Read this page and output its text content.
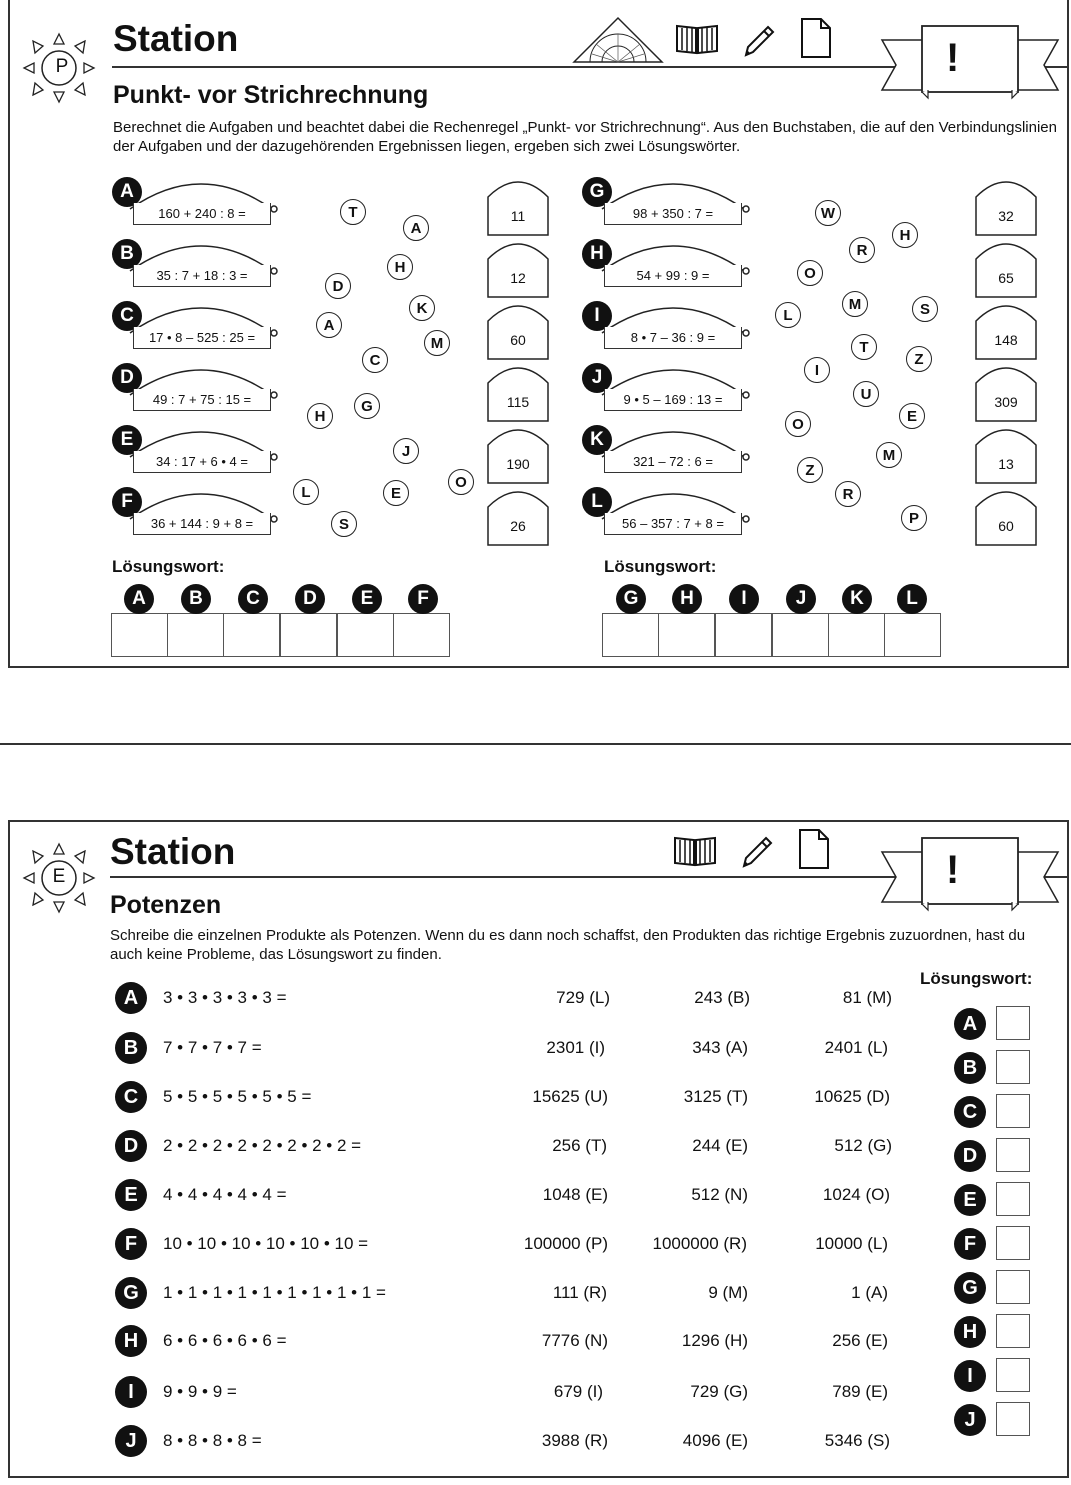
P
Station	!
Punkt- vor Strichrechnung
Berechnet die Aufgaben und beachtet dabei die Rechenregel „Punkt- vor Strichrechnung“. Aus den Buchstaben, die auf den Verbindungslinien der Aufgaben und der dazugehörenden Ergebnissen liegen, ergeben sich zwei Lösungswörter.
A
160 + 240 : 8 =
B
35 : 7 + 18 : 3 =
C
17 • 8 – 525 : 25 =
D
49 : 7 + 75 : 15 =
E
34 : 17 + 6 • 4 =
F
36 + 144 : 9 + 8 =
11
12
60
115
190
26
T
A
H
D
K
A
M
C
H
G
J
L	E
O
S
G
98 + 350 : 7 =
H
54 + 99 : 9 =
I
8 • 7 – 36 : 9 =
J
9 • 5 – 169 : 13 =
K
321 – 72 : 6 =
L
56 – 357 : 7 + 8 =
32
65
148
309
13
60
W
H
R
O
M	S
L
T
Z
I
U
E
O
M
Z
R
P
Lösungswort:	Lösungswort:
A	B	C	D	E	F	G	H	I	J	K	L
E
Station	!
Potenzen
Schreibe die einzelnen Produkte als Potenzen. Wenn du es dann noch schaffst, den Produkten das richtige Ergebnis zuzuordnen, hast du auch keine Probleme, das Lösungswort zu finden.
Lösungswort:
A	3 • 3 • 3 • 3 • 3 =	729 (L)	243 (B)	81 (M)
B	7 • 7 • 7 • 7 =	2301 (I)	343 (A)	2401 (L)
C	5 • 5 • 5 • 5 • 5 • 5 =	15625 (U)	3125 (T)	10625 (D)
D	2 • 2 • 2 • 2 • 2 • 2 • 2 • 2 =	256 (T)	244 (E)	512 (G)
E	4 • 4 • 4 • 4 • 4 =	1048 (E)	512 (N)	1024 (O)
F	10 • 10 • 10 • 10 • 10 • 10 =	100000 (P)	1000000 (R)	10000 (L)
G	1 • 1 • 1 • 1 • 1 • 1 • 1 • 1 • 1 =	111 (R)	9 (M)	1 (A)
H	6 • 6 • 6 • 6 • 6 =	7776 (N)	1296 (H)	256 (E)
I	9 • 9 • 9 =	679 (I)	729 (G)	789 (E)
J	8 • 8 • 8 • 8 =	3988 (R)	4096 (E)	5346 (S)
A
B
C
D
E
F
G
H
I
J
